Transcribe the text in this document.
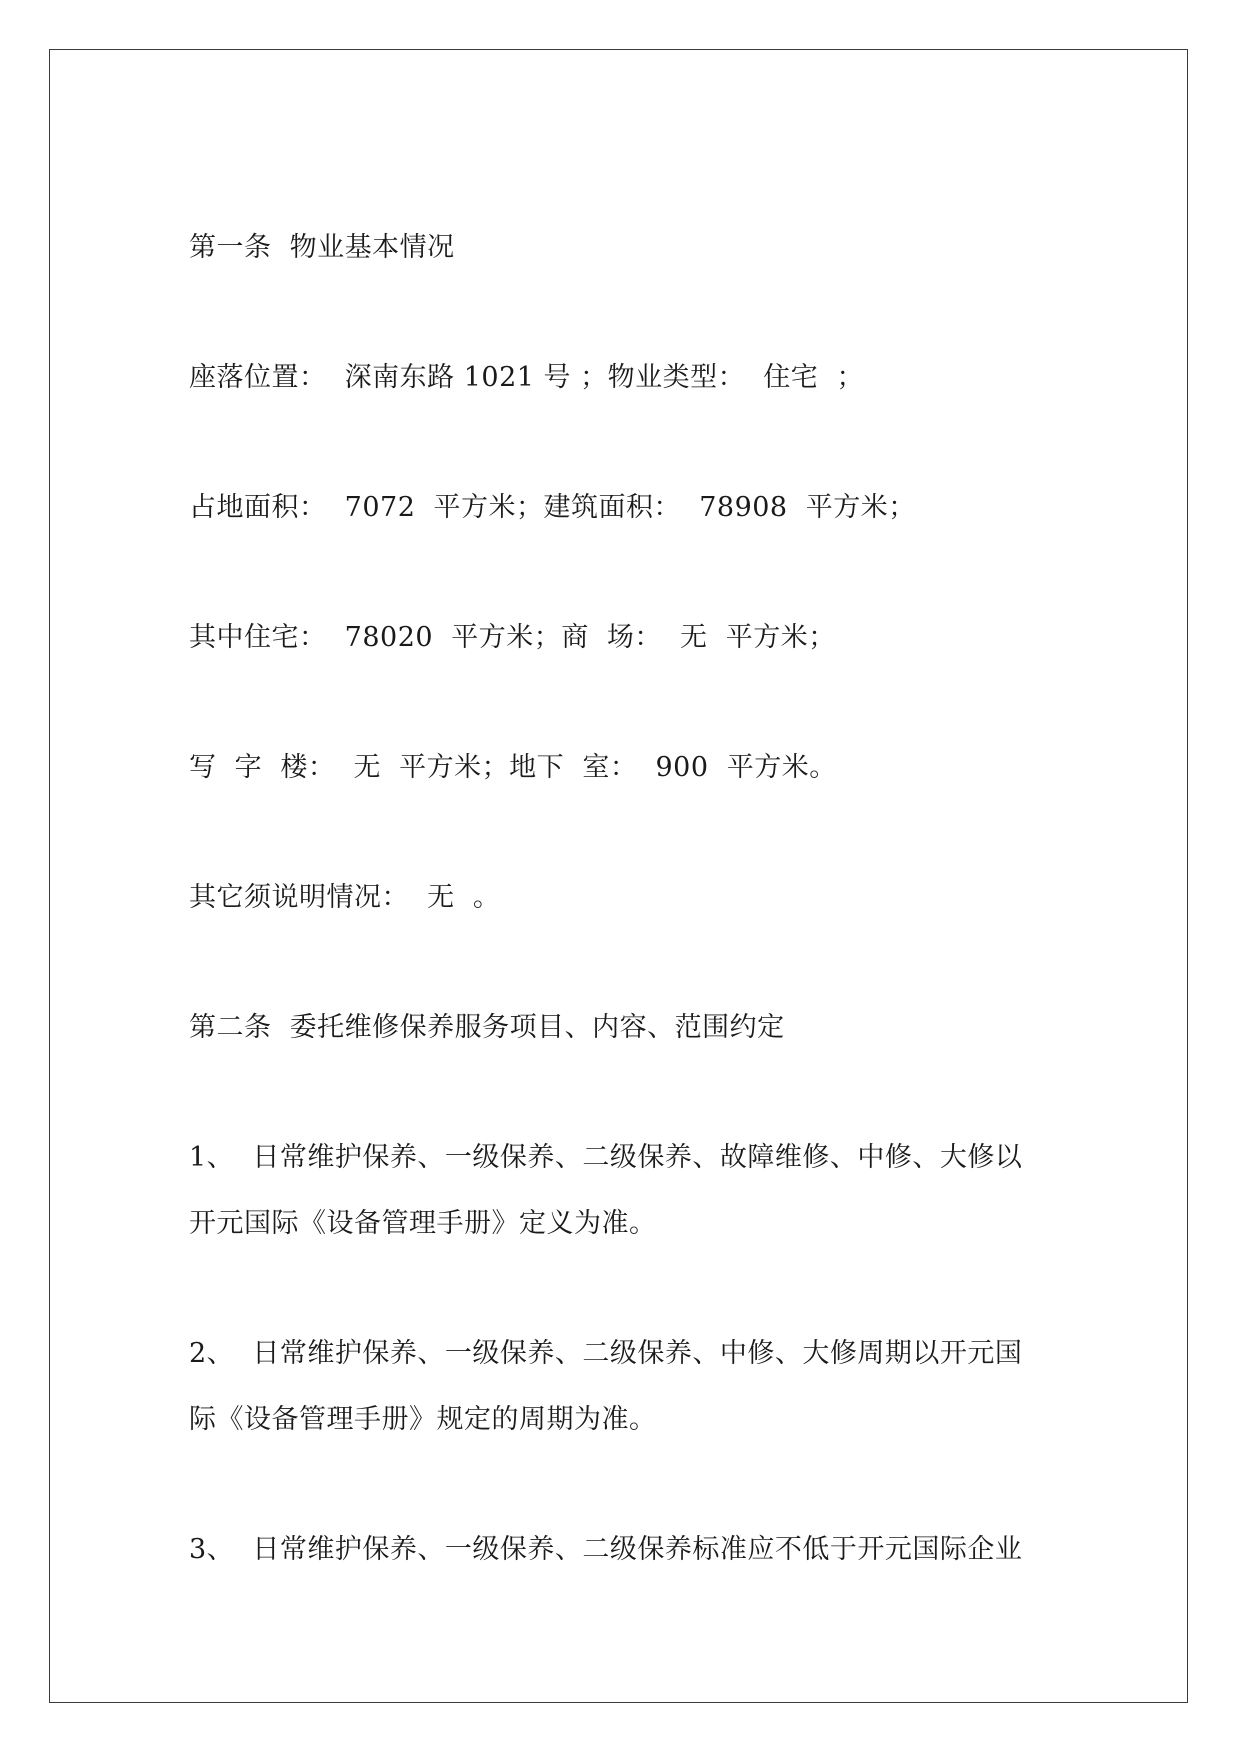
第一条  物业基本情况
座落位置：  深南东路 1021 号 ；物业类型：  住宅  ；
占地面积：  7072  平方米；建筑面积：  78908  平方米；
其中住宅：  78020  平方米；商  场：  无  平方米；
写  字  楼：  无  平方米；地下  室：  900  平方米。
其它须说明情况：  无  。
第二条  委托维修保养服务项目、内容、范围约定
1、  日常维护保养、一级保养、二级保养、故障维修、中修、大修以
开元国际《设备管理手册》定义为准。
2、  日常维护保养、一级保养、二级保养、中修、大修周期以开元国
际《设备管理手册》规定的周期为准。
3、  日常维护保养、一级保养、二级保养标准应不低于开元国际企业
